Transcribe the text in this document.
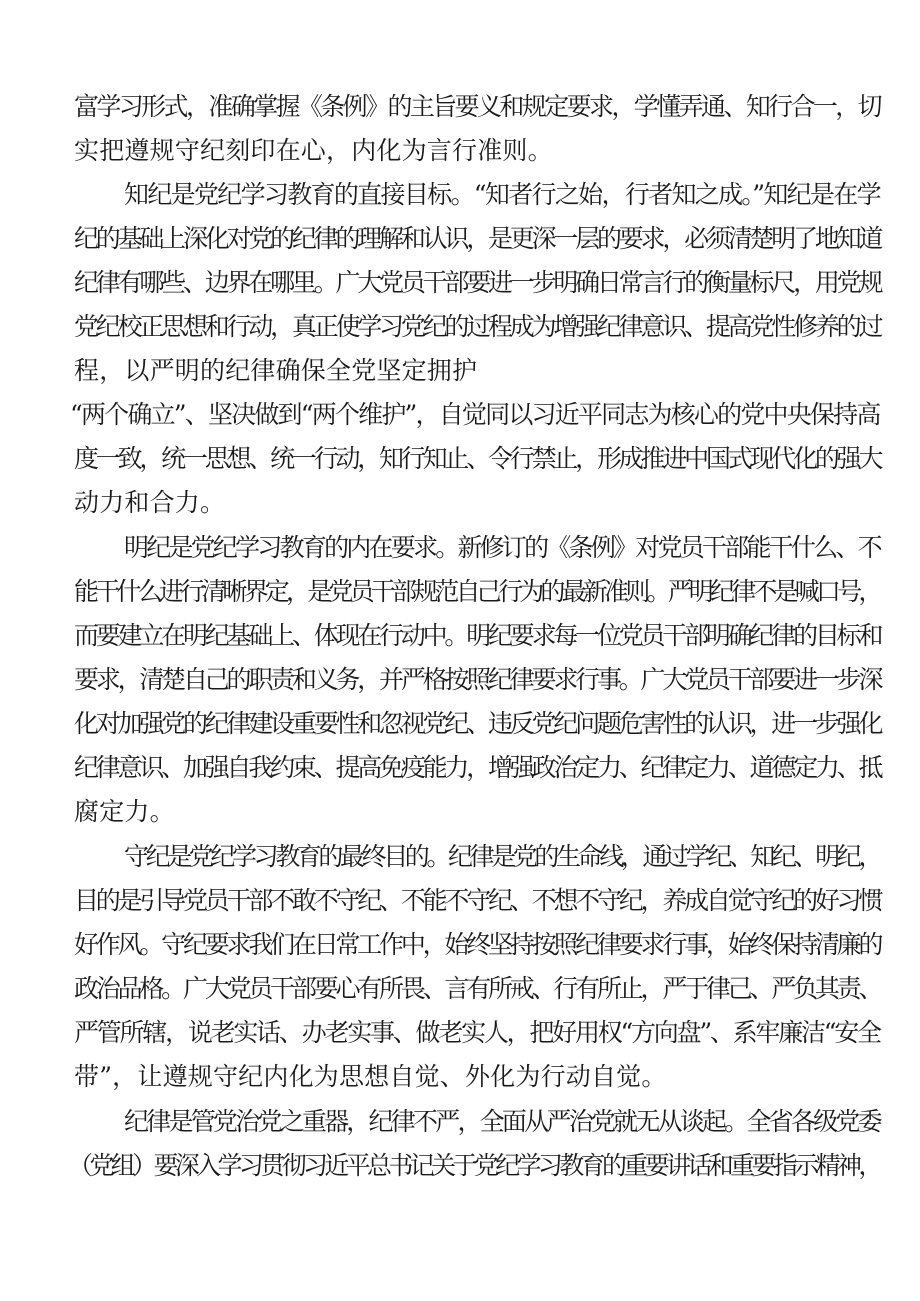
富学习形式，准确掌握《条例》的主旨要义和规定要求，学懂弄通、知行合一，切

实把遵规守纪刻印在心，内化为言行准则。

知纪是党纪学习教育的直接目标。“知者行之始，行者知之成。”知纪是在学

纪的基础上深化对党的纪律的理解和认识，是更深一层的要求，必须清楚明了地知道

纪律有哪些、边界在哪里。广大党员干部要进一步明确日常言行的衡量标尺，用党规

党纪校正思想和行动，真正使学习党纪的过程成为增强纪律意识、提高党性修养的过

程，以严明的纪律确保全党坚定拥护

“两个确立”、坚决做到“两个维护”，自觉同以习近平同志为核心的党中央保持高

度一致，统一思想、统一行动，知行知止、令行禁止，形成推进中国式现代化的强大

动力和合力。

明纪是党纪学习教育的内在要求。新修订的《条例》对党员干部能干什么、不

能干什么进行清晰界定，是党员干部规范自己行为的最新准则。严明纪律不是喊口号，

而要建立在明纪基础上、体现在行动中。明纪要求每一位党员干部明确纪律的目标和

要求，清楚自己的职责和义务，并严格按照纪律要求行事。广大党员干部要进一步深

化对加强党的纪律建设重要性和忽视党纪、违反党纪问题危害性的认识，进一步强化

纪律意识、加强自我约束、提高免疫能力，增强政治定力、纪律定力、道德定力、抵

腐定力。

守纪是党纪学习教育的最终目的。纪律是党的生命线，通过学纪、知纪、明纪，

目的是引导党员干部不敢不守纪、不能不守纪、不想不守纪，养成自觉守纪的好习惯

好作风。守纪要求我们在日常工作中，始终坚持按照纪律要求行事，始终保持清廉的

政治品格。广大党员干部要心有所畏、言有所戒、行有所止，严于律己、严负其责、

严管所辖，说老实话、办老实事、做老实人，把好用权“方向盘”、系牢廉洁“安全

带”，让遵规守纪内化为思想自觉、外化为行动自觉。

纪律是管党治党之重器，纪律不严，全面从严治党就无从谈起。全省各级党委

（党组）要深入学习贯彻习近平总书记关于党纪学习教育的重要讲话和重要指示精神，
